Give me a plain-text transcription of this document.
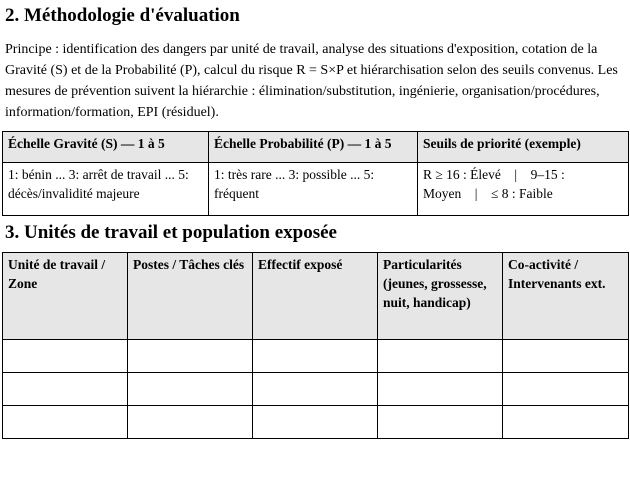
2. Méthodologie d'évaluation

Principe : identification des dangers par unité de travail, analyse des situations d'exposition, cotation de la Gravité (S) et de la Probabilité (P), calcul du risque R = S×P et hiérarchisation selon des seuils convenus. Les mesures de prévention suivent la hiérarchie : élimination/substitution, ingénierie, organisation/procédures, information/formation, EPI (résiduel).

Échelle Gravité (S) — 1 à 5	Échelle Probabilité (P) — 1 à 5	Seuils de priorité (exemple)
1: bénin ... 3: arrêt de travail ... 5: décès/invalidité majeure	1: très rare ... 3: possible ... 5: fréquent	R ≥ 16 : Élevé  |  9–15 : Moyen  |  ≤ 8 : Faible
3. Unités de travail et population exposée
Unité de travail / Zone	Postes / Tâches clés	Effectif exposé	Particularités (jeunes, grossesse, nuit, handicap)	Co-activité / Intervenants ext.
